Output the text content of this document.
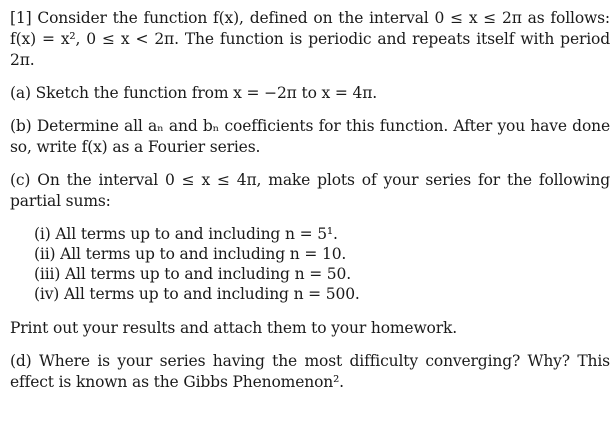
[1] Consider the function f(x), defined on the interval 0 ≤ x ≤ 2π as follows: f(x) = x², 0 ≤ x < 2π. The function is periodic and repeats itself with period 2π.

(a) Sketch the function from x = −2π to x = 4π.

(b) Determine all aₙ and bₙ coefficients for this function. After you have done so, write f(x) as a Fourier series.

(c) On the interval 0 ≤ x ≤ 4π, make plots of your series for the following partial sums:

(i) All terms up to and including n = 5¹.

(ii) All terms up to and including n = 10.

(iii) All terms up to and including n = 50.

(iv) All terms up to and including n = 500.

Print out your results and attach them to your homework.

(d) Where is your series having the most difficulty converging? Why? This effect is known as the Gibbs Phenomenon².
